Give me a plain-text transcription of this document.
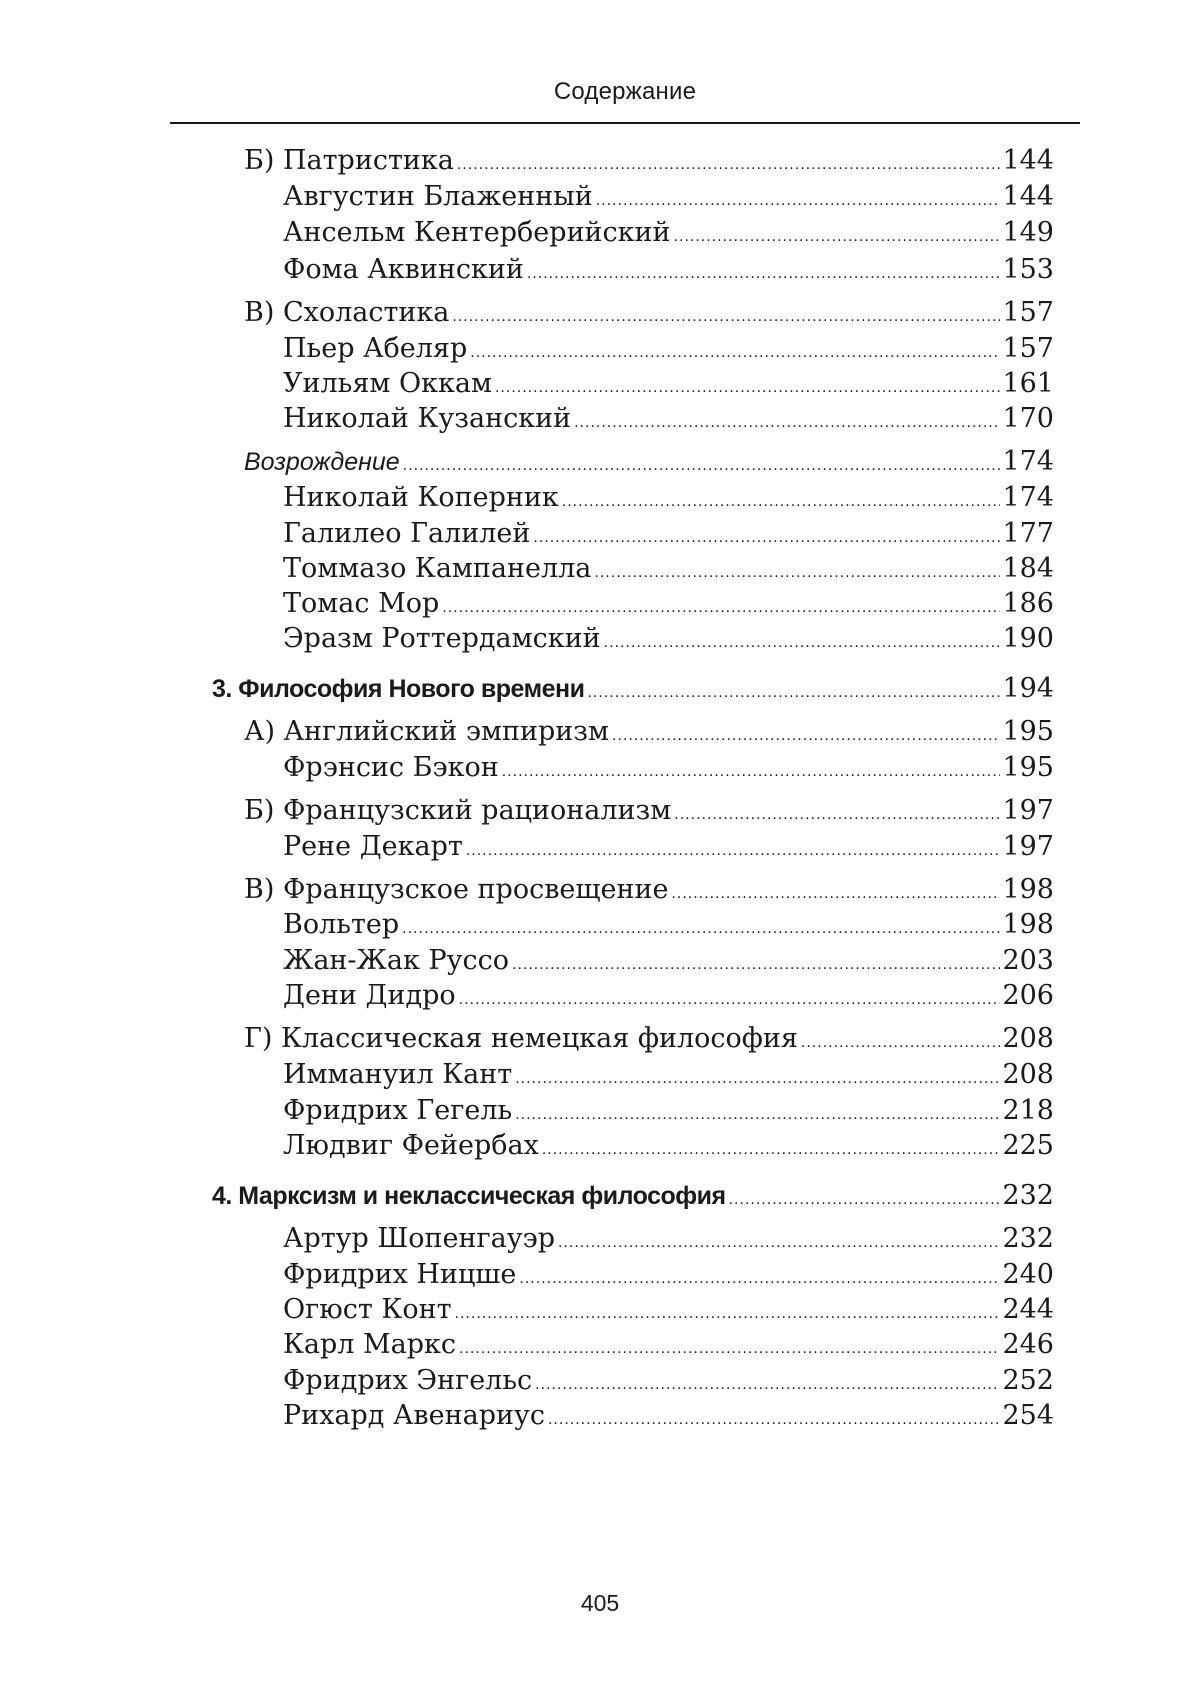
Содержание
Б) Патристика .....	144
Августин Блаженный .....	144
Ансельм Кентерберийский .....	149
Фома Аквинский .....	153
В) Схоластика .....	157
Пьер Абеляр .....	157
Уильям Оккам .....	161
Николай Кузанский .....	170
Возрождение .....	174
Николай Коперник .....	174
Галилео Галилей .....	177
Томмазо Кампанелла .....	184
Томас Мор .....	186
Эразм Роттердамский .....	190
3. Философия Нового времени .....	194
А) Английский эмпиризм .....	195
Фрэнсис Бэкон .....	195
Б) Французский рационализм .....	197
Рене Декарт .....	197
В) Французское просвещение .....	198
Вольтер .....	198
Жан-Жак Руссо .....	203
Дени Дидро .....	206
Г) Классическая немецкая философия .....	208
Иммануил Кант .....	208
Фридрих Гегель .....	218
Людвиг Фейербах .....	225
4. Марксизм и неклассическая философия .....	232
Артур Шопенгауэр .....	232
Фридрих Ницше .....	240
Огюст Конт .....	244
Карл Маркс .....	246
Фридрих Энгельс .....	252
Рихард Авенариус .....	254
405
